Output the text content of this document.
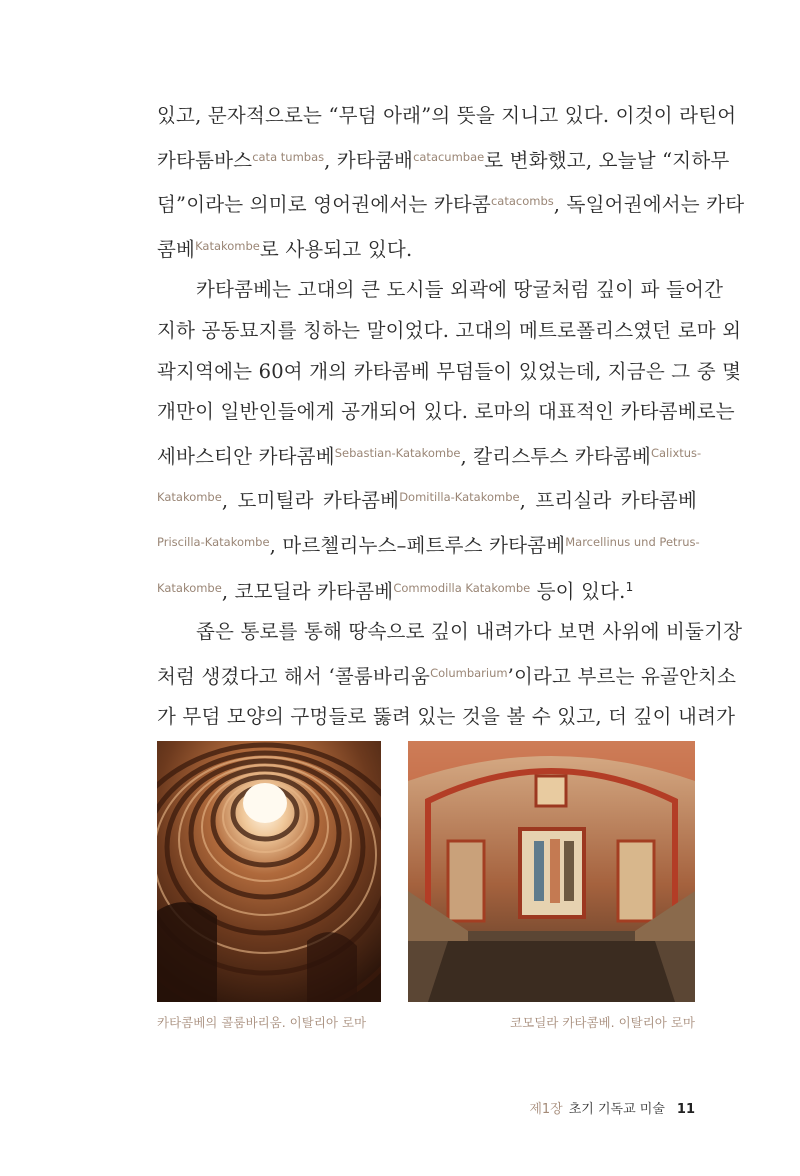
있고, 문자적으로는 “무덤 아래”의 뜻을 지니고 있다. 이것이 라틴어
카타툼바스$^{cata tumbas}$, 카타쿰배$^{catacumbae}$로 변화했고, 오늘날 “지하무
덤”이라는 의미로 영어권에서는 카타콤$^{catacombs}$, 독일어권에서는 카타
콤베$^{Katakombe}$로 사용되고 있다.
카타콤베는 고대의 큰 도시들 외곽에 땅굴처럼 깊이 파 들어간
지하 공동묘지를 칭하는 말이었다. 고대의 메트로폴리스였던 로마 외
곽지역에는 60여 개의 카타콤베 무덤들이 있었는데, 지금은 그 중 몇
개만이 일반인들에게 공개되어 있다. 로마의 대표적인 카타콤베로는
세바스티안 카타콤베$^{Sebastian-Katakombe}$, 칼리스투스 카타콤베$^{Calixtus-}$
$^{Katakombe}$, 도미틸라 카타콤베$^{Domitilla-Katakombe}$, 프리실라 카타콤베
$^{Priscilla-Katakombe}$, 마르첼리누스–페트루스 카타콤베$^{Marcellinus und Petrus-}$
$^{Katakombe}$, 코모딜라 카타콤베$^{Commodilla Katakombe}$ 등이 있다.$^1$
좁은 통로를 통해 땅속으로 깊이 내려가다 보면 사위에 비둘기장
처럼 생겼다고 해서 ‘콜룸바리움$^{Columbarium}$’이라고 부르는 유골안치소
가 무덤 모양의 구멍들로 뚫려 있는 것을 볼 수 있고, 더 깊이 내려가
카타콤베의 콜룸바리움. 이탈리아 로마	코모딜라 카타콤베. 이탈리아 로마
제1장 초기 기독교 미술 11
